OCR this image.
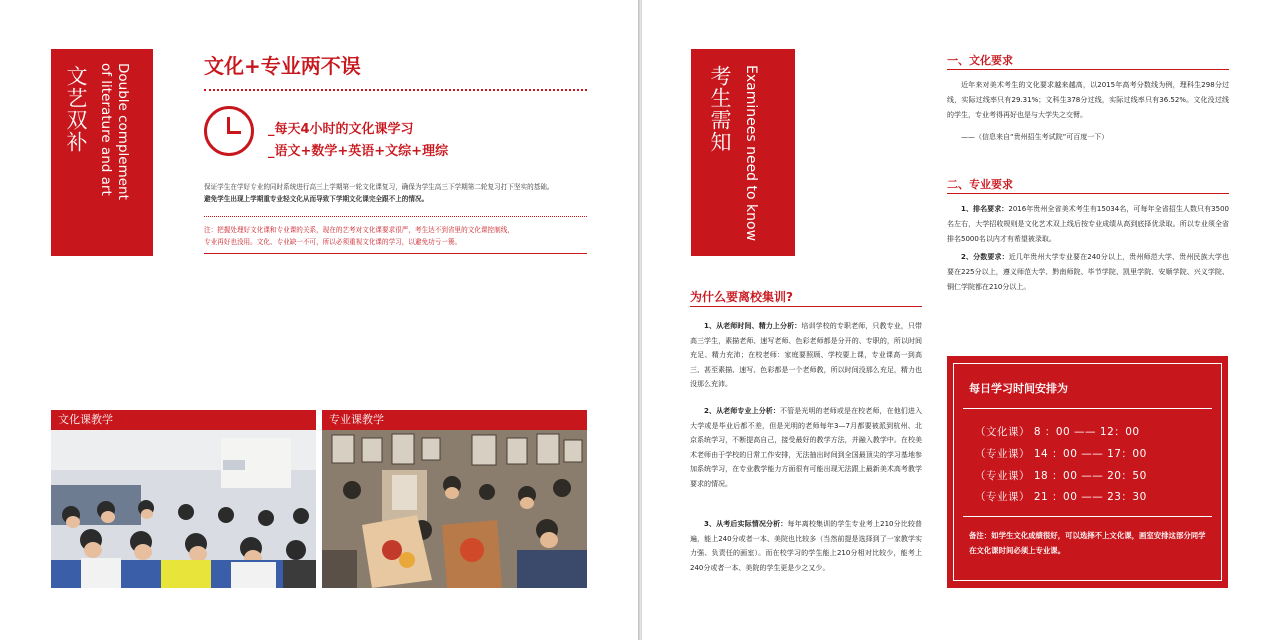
文艺双补	Double complement
of literature and art	文化+专业两不误
_每天4小时的文化课学习
_语文+数学+英语+文综+理综
保证学生在学好专业的同时系统进行高三上学期第一轮文化课复习，确保为学生高三下学期第二轮复习打下坚实的基础。
避免学生出现上学期重专业轻文化从而导致下学期文化课完全跟不上的情况。
注：把握处理好文化课和专业课的关系，现在的艺考对文化课要求很严，考生达不到省里的文化课控制线，
专业再好也没用。文化、专业缺一不可，所以必须重视文化课的学习，以避免功亏一篑。
文化课教学	专业课教学
考生需知 Examinees need to know
为什么要离校集训?
1、从老师时间、精力上分析：培训学校的专职老师，只教专业，只带高三学生，素描老师、速写老师、色彩老师都是分开的、专职的，所以时间充足、精力充沛；在校老师：家庭要照顾、学校要上课，专业课高一到高三、甚至素描、速写、色彩都是一个老师教，所以时间没那么充足，精力也没那么充沛。
2、从老师专业上分析：不管是光明的老师或是在校老师，在他们进入大学或是毕业后都不差，但是光明的老师每年3—7月都要被派到杭州、北京系统学习，不断提高自己，接受最好的教学方法，并融入教学中。在校美术老师由于学校的日常工作安排，无法抽出时间到全国最顶尖的学习基地参加系统学习，在专业教学能力方面很有可能出现无法跟上最新美术高考教学要求的情况。
3、从考后实际情况分析：每年离校集训的学生专业考上210分比较普遍，能上240分或者一本、美院也比较多（当然前提是选择到了一家教学实力强、负责任的画室）。而在校学习的学生能上210分相对比较少，能考上240分或者一本、美院的学生更是少之又少。
一、文化要求
近年来对美术考生的文化要求越来越高，以2015年高考分数线为例，理科生298分过线，实际过线率只有29.31%；文科生378分过线，实际过线率只有36.52%。文化没过线的学生，专业考得再好也是与大学失之交臂。
——（信息来自“贵州招生考试院”可百度一下）
二、专业要求
1、排名要求：2016年贵州全省美术考生有15034名，可每年全省招生人数只有3500名左右，大学招收规则是文化艺术双上线后按专业成绩从高到底择优录取。所以专业须全省排名5000名以内才有希望被录取。
2、分数要求：近几年贵州大学专业要在240分以上，贵州师范大学、贵州民族大学也要在225分以上，遵义师范大学、黔南师院、毕节学院、凯里学院、安顺学院、兴义学院、铜仁学院都在210分以上。
每日学习时间安排为
（文化课） 8 ：00 —— 12：00
（专业课） 14 ：00 —— 17：00
（专业课） 18 ：00 —— 20：50
（专业课） 21 ：00 —— 23：30
备注：如学生文化成绩很好，可以选择不上文化课，画室安排这部分同学在文化课时间必须上专业课。
